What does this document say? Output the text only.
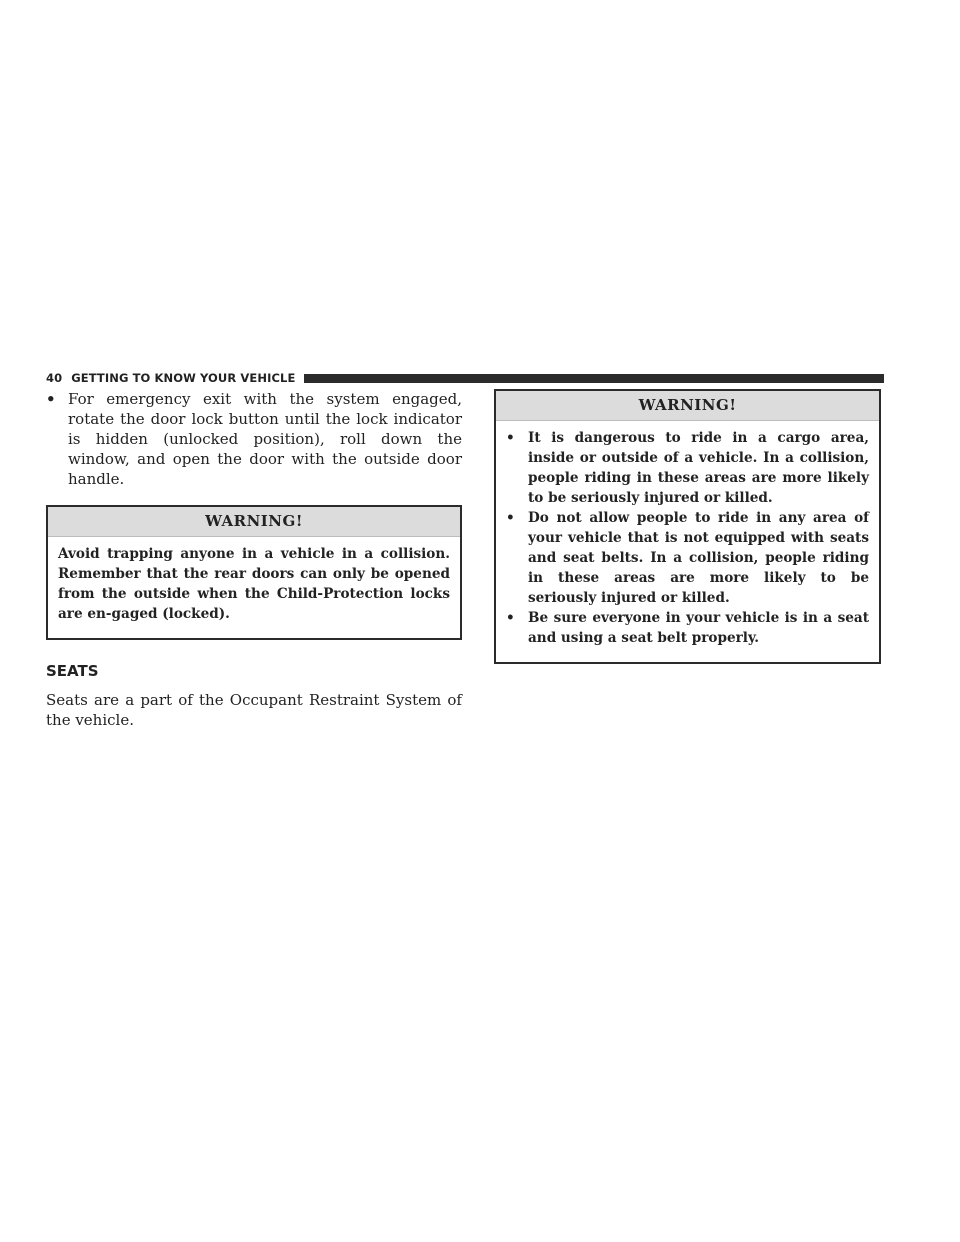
40 GETTING TO KNOW YOUR VEHICLE

• For emergency exit with the system engaged, rotate the door lock button until the lock indicator is hidden (unlocked position), roll down the window, and open the door with the outside door handle.

WARNING!

Avoid trapping anyone in a vehicle in a collision. Remember that the rear doors can only be opened from the outside when the Child-Protection locks are en-gaged (locked).

SEATS

Seats are a part of the Occupant Restraint System of the vehicle.

WARNING!
• It is dangerous to ride in a cargo area, inside or outside of a vehicle. In a collision, people riding in these areas are more likely to be seriously injured or killed.
• Do not allow people to ride in any area of your vehicle that is not equipped with seats and seat belts. In a collision, people riding in these areas are more likely to be seriously injured or killed.
• Be sure everyone in your vehicle is in a seat and using a seat belt properly.
